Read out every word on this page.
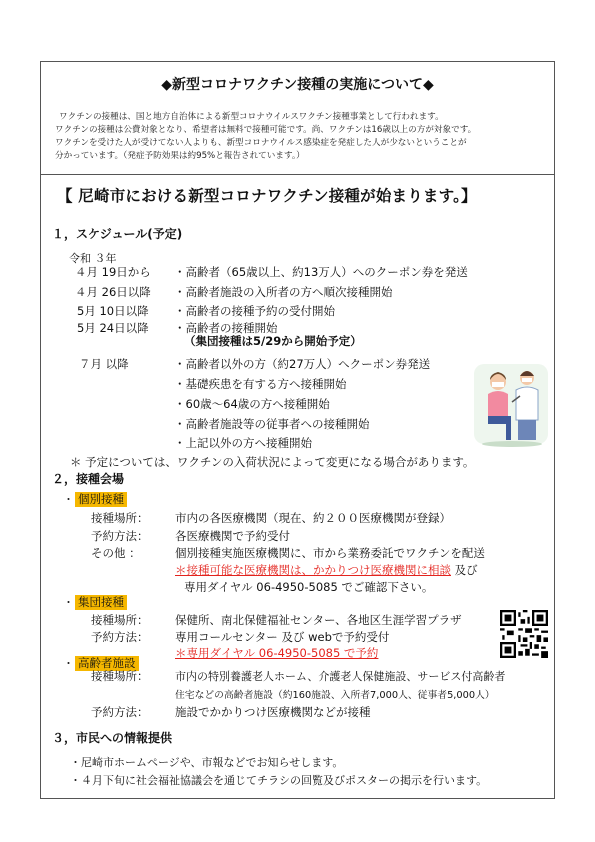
◆新型コロナワクチン接種の実施について◆
ワクチンの接種は、国と地方自治体による新型コロナウイルスワクチン接種事業として行われます。
ワクチンの接種は公費対象となり、希望者は無料で接種可能です。尚、ワクチンは16歳以上の方が対象です。
ワクチンを受けた人が受けてない人よりも、新型コロナウイルス感染症を発症した人が少ないということが
分かっています。（発症予防効果は約95%と報告されています。）
【 尼崎市における新型コロナワクチン接種が始まります。】
１，スケジュール(予定)
令和 ３年
４月 19日から ・高齢者（65歳以上、約13万人）へのクーポン券を発送
４月 26日以降 ・高齢者施設の入所者の方へ順次接種開始
5月 10日以降 ・高齢者の接種予約の受付開始
5月 24日以降 ・高齢者の接種開始
（集団接種は5/29から開始予定）
７月 以降	・高齢者以外の方（約27万人）へクーポン券発送
・基礎疾患を有する方へ接種開始
・60歳～64歳の方へ接種開始
・高齢者施設等の従事者への接種開始
・上記以外の方へ接種開始
＊ 予定については、ワクチンの入荷状況によって変更になる場合があります。
２，接種会場
・ 個別接種
接種場所： 市内の各医療機関（現在、約２００医療機関が登録）
予約方法： 各医療機関で予約受付
その他 ：	個別接種実施医療機関に、市から業務委託でワクチンを配送
＊接種可能な医療機関は、かかりつけ医療機関に相談 及び
専用ダイヤル 06-4950-5085 でご確認下さい。
・ 集団接種
接種場所： 保健所、南北保健福祉センター、各地区生涯学習プラザ
予約方法： 専用コールセンター 及び webで予約受付
＊専用ダイヤル 06-4950-5085 で予約
・ 高齢者施設
接種場所： 市内の特別養護老人ホーム、介護老人保健施設、サービス付高齢者
住宅などの高齢者施設（約160施設、入所者7,000人、従事者5,000人）
予約方法： 施設でかかりつけ医療機関などが接種
３，市民への情報提供
・尼崎市ホームページや、市報などでお知らせします。
・４月下旬に社会福祉協議会を通じてチラシの回覧及びポスターの掲示を行います。
